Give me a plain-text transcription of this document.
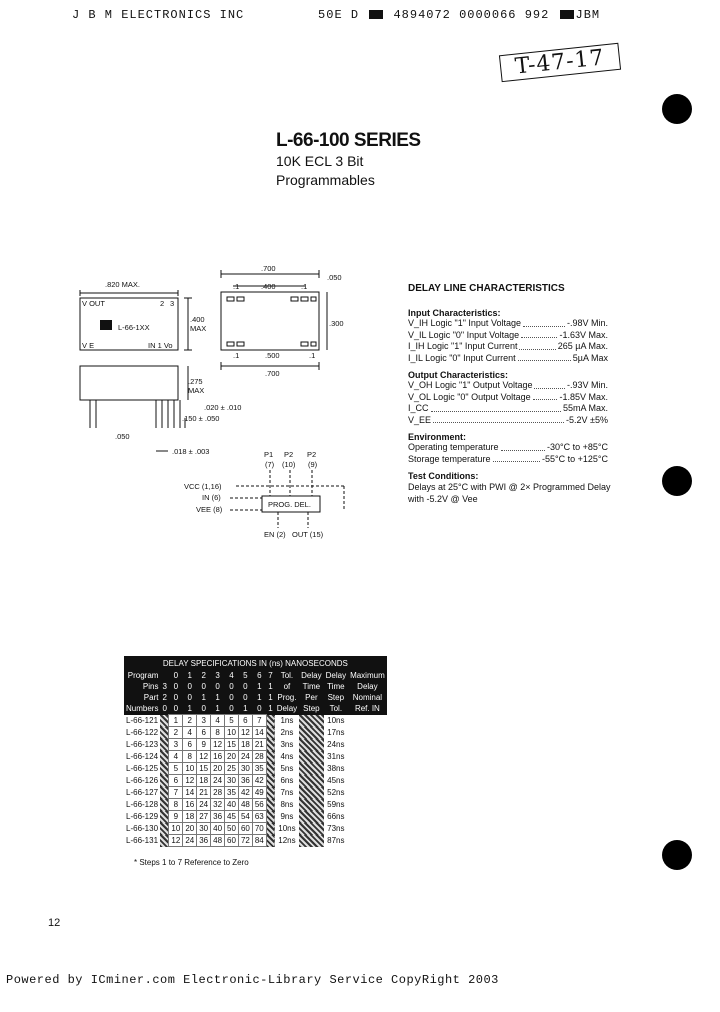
J B M ELECTRONICS INC	50E D	4894072 0000066 992 JBM
T-47-17
L-66-100 SERIES
10K ECL 3 Bit
Programmables
.820 MAX.
V OUT	2 3
L-66-1XX
V E	IN 1 Vo
.400
MAX
.275
MAX
.020 ± .010
.150 ± .050
.050
.018 ± .003
.700
.050
.1	.400	.1
.300
.1	.500	.1
.700
P1
(7)
P2
(10)
P2
(9)
VCC (1,16)
IN (6)
VEE (8)
PROG. DEL.
EN (2) OUT (15)
DELAY LINE CHARACTERISTICS
Input Characteristics:
V_IH Logic "1" Input Voltage	-.98V Min.
V_IL Logic "0" Input Voltage	-1.63V Max.
I_IH Logic "1" Input Current	265 µA Max.
I_IL Logic "0" Input Current	5µA Max
Output Characteristics:
V_OH Logic "1" Output Voltage	-.93V Min.
V_OL Logic "0" Output Voltage	-1.85V Max.
I_CC	55mA Max.
V_EE	-5.2V ±5%
Environment:
Operating temperature	-30°C to +85°C
Storage temperature	-55°C to +125°C
Test Conditions:
Delays at 25°C with PWI @ 2× Programmed Delay
with -5.2V @ Vee
DELAY SPECIFICATIONS IN (ns) NANOSECONDS													
Program		0	1	2	3	4	5	6	7	Tol.	Delay	Delay	Maximum
Pins	3	0	0	0	0	0	0	1	1	of	Time	Time	Delay
Part	2	0	0	1	1	0	0	1	1	Prog.	Per	Step	Nominal
Numbers	0	0	1	0	1	0	1	0	1	Delay	Step	Tol.	Ref. IN
L-66-121		1	2	3	4	5	6	7		1ns		10ns	
L-66-122		2	4	6	8	10	12	14		2ns		17ns	
L-66-123		3	6	9	12	15	18	21		3ns		24ns	
L-66-124		4	8	12	16	20	24	28		4ns		31ns	
L-66-125		5	10	15	20	25	30	35		5ns		38ns	
L-66-126		6	12	18	24	30	36	42		6ns		45ns	
L-66-127		7	14	21	28	35	42	49		7ns		52ns	
L-66-128		8	16	24	32	40	48	56		8ns		59ns	
L-66-129		9	18	27	36	45	54	63		9ns		66ns	
L-66-130		10	20	30	40	50	60	70		10ns		73ns	
L-66-131		12	24	36	48	60	72	84		12ns		87ns	
* Steps 1 to 7 Reference to Zero
12
Powered by ICminer.com Electronic-Library Service CopyRight 2003
